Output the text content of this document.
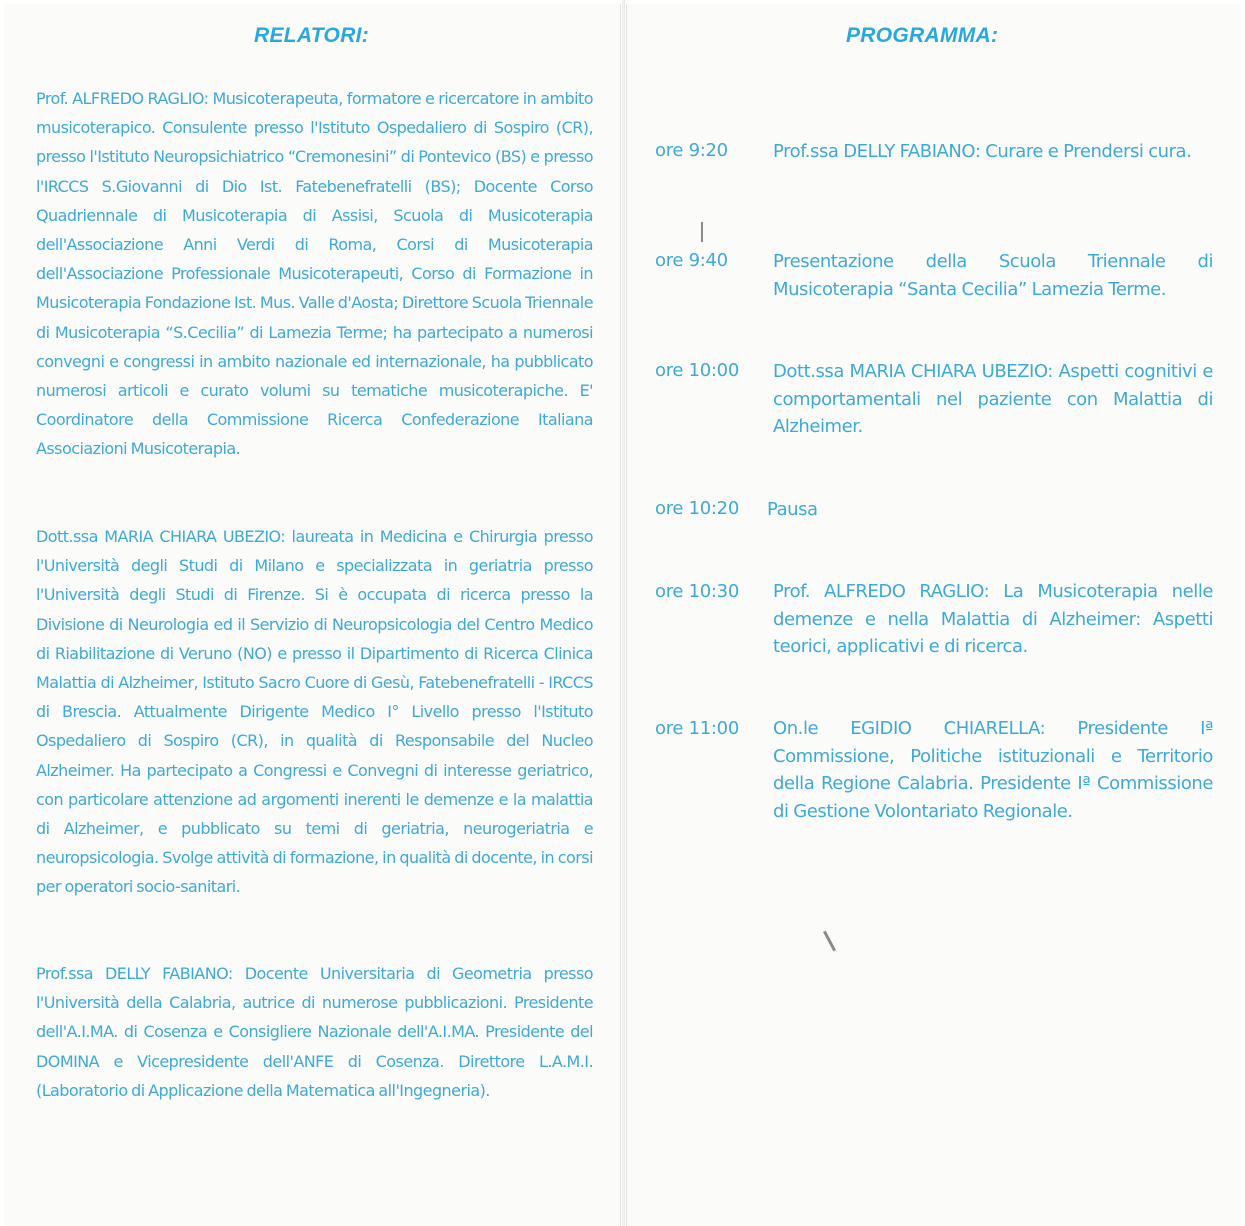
RELATORI:

Prof. ALFREDO RAGLIO: Musicoterapeuta, formatore e ricercatore in ambito musicoterapico. Consulente presso l'Istituto Ospedaliero di Sospiro (CR), presso l'Istituto Neuropsichiatrico “Cremonesini” di Pontevico (BS) e presso l'IRCCS S.Giovanni di Dio Ist. Fatebenefratelli (BS); Docente Corso Quadriennale di Musicoterapia di Assisi, Scuola di Musicoterapia dell'Associazione Anni Verdi di Roma, Corsi di Musicoterapia dell'Associazione Professionale Musicoterapeuti, Corso di Formazione in Musicoterapia Fondazione Ist. Mus. Valle d'Aosta; Direttore Scuola Triennale di Musicoterapia “S.Cecilia” di Lamezia Terme; ha partecipato a numerosi convegni e congressi in ambito nazionale ed internazionale, ha pubblicato numerosi articoli e curato volumi su tematiche musicoterapiche. E' Coordinatore della Commissione Ricerca Confederazione Italiana Associazioni Musicoterapia.

Dott.ssa MARIA CHIARA UBEZIO: laureata in Medicina e Chirurgia presso l'Università degli Studi di Milano e specializzata in geriatria presso l'Università degli Studi di Firenze. Si è occupata di ricerca presso la Divisione di Neurologia ed il Servizio di Neuropsicologia del Centro Medico di Riabilitazione di Veruno (NO) e presso il Dipartimento di Ricerca Clinica Malattia di Alzheimer, Istituto Sacro Cuore di Gesù, Fatebenefratelli - IRCCS di Brescia. Attualmente Dirigente Medico I° Livello presso l'Istituto Ospedaliero di Sospiro (CR), in qualità di Responsabile del Nucleo Alzheimer. Ha partecipato a Congressi e Convegni di interesse geriatrico, con particolare attenzione ad argomenti inerenti le demenze e la malattia di Alzheimer, e pubblicato su temi di geriatria, neurogeriatria e neuropsicologia. Svolge attività di formazione, in qualità di docente, in corsi per operatori socio-sanitari.

Prof.ssa DELLY FABIANO: Docente Universitaria di Geometria presso l'Università della Calabria, autrice di numerose pubblicazioni. Presidente dell'A.I.MA. di Cosenza e Consigliere Nazionale dell'A.I.MA. Presidente del DOMINA e Vicepresidente dell'ANFE di Cosenza. Direttore L.A.M.I. (Laboratorio di Applicazione della Matematica all'Ingegneria).

PROGRAMMA:
ore 9:20	Prof.ssa DELLY FABIANO: Curare e Prendersi cura.

ore 9:40	Presentazione della Scuola Triennale di Musicoterapia “Santa Cecilia” Lamezia Terme.

ore 10:00 Dott.ssa MARIA CHIARA UBEZIO: Aspetti cognitivi e comportamentali nel paziente con Malattia di Alzheimer.

ore 10:20 Pausa

ore 10:30 Prof. ALFREDO RAGLIO: La Musicoterapia nelle demenze e nella Malattia di Alzheimer: Aspetti teorici, applicativi e di ricerca.

ore 11:00 On.le EGIDIO CHIARELLA: Presidente Iª Commissione, Politiche istituzionali e Territorio della Regione Calabria. Presidente Iª Commissione di Gestione Volontariato Regionale.
